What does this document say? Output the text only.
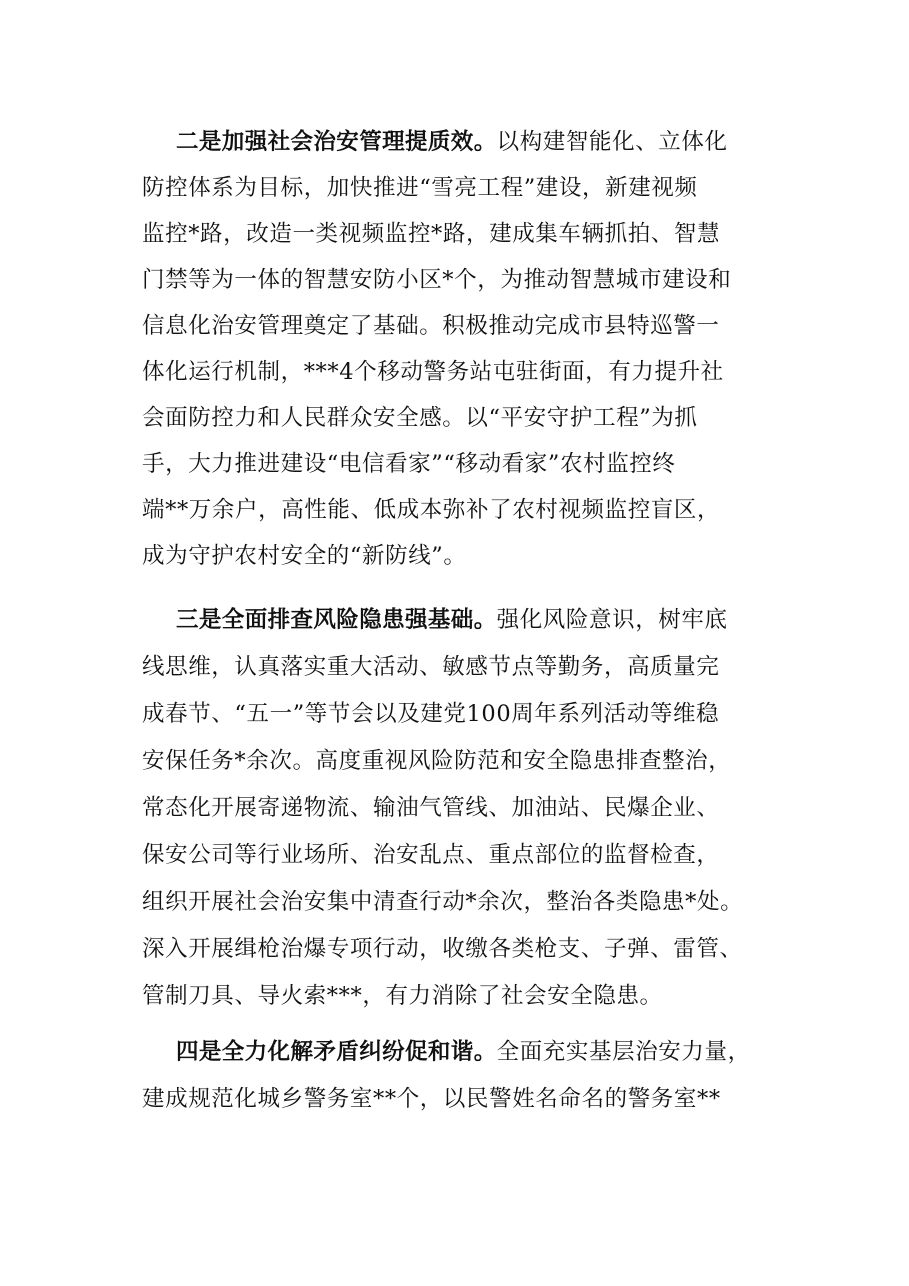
二是加强社会治安管理提质效。以构建智能化、立体化
防控体系为目标，加快推进“雪亮工程”建设，新建视频
监控*路，改造一类视频监控*路，建成集车辆抓拍、智慧
门禁等为一体的智慧安防小区*个，为推动智慧城市建设和
信息化治安管理奠定了基础。积极推动完成市县特巡警一
体化运行机制，***4个移动警务站屯驻街面，有力提升社
会面防控力和人民群众安全感。以“平安守护工程”为抓
手，大力推进建设“电信看家”“移动看家”农村监控终
端**万余户，高性能、低成本弥补了农村视频监控盲区，
成为守护农村安全的“新防线”。
三是全面排查风险隐患强基础。强化风险意识，树牢底
线思维，认真落实重大活动、敏感节点等勤务，高质量完
成春节、“五一”等节会以及建党100周年系列活动等维稳
安保任务*余次。高度重视风险防范和安全隐患排查整治，
常态化开展寄递物流、输油气管线、加油站、民爆企业、
保安公司等行业场所、治安乱点、重点部位的监督检查，
组织开展社会治安集中清查行动*余次，整治各类隐患*处。
深入开展缉枪治爆专项行动，收缴各类枪支、子弹、雷管、
管制刀具、导火索***，有力消除了社会安全隐患。
四是全力化解矛盾纠纷促和谐。全面充实基层治安力量，
建成规范化城乡警务室**个，以民警姓名命名的警务室**
